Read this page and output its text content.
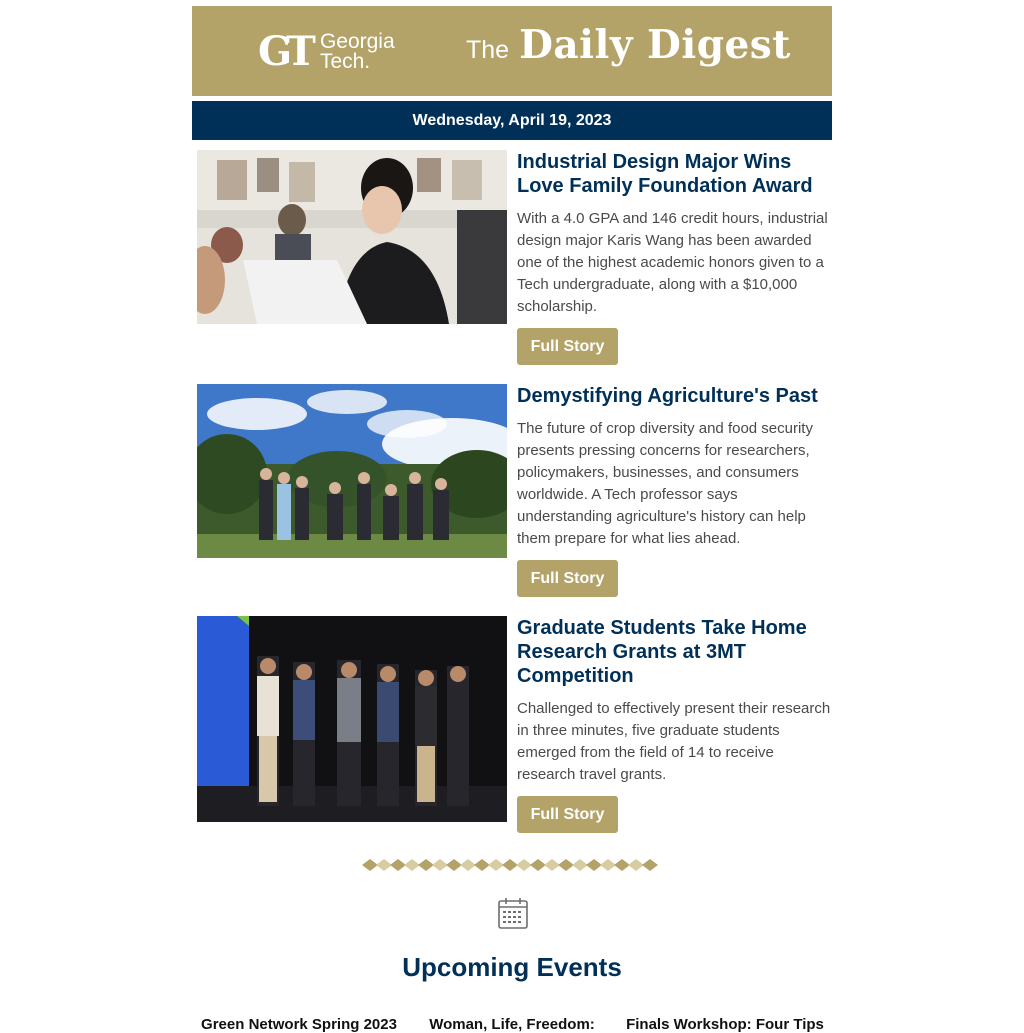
GT Georgia
Tech.	The Daily Digest
Wednesday, April 19, 2023
Industrial Design Major Wins Love Family Foundation Award

With a 4.0 GPA and 146 credit hours, industrial design major Karis Wang has been awarded one of the highest academic honors given to a Tech undergraduate, along with a $10,000 scholarship.

Full Story
Demystifying Agriculture's Past

The future of crop diversity and food security presents pressing concerns for researchers, policymakers, businesses, and consumers worldwide. A Tech professor says understanding agriculture's history can help them prepare for what lies ahead.

Full Story
Graduate Students Take Home Research Grants at 3MT Competition

Challenged to effectively present their research in three minutes, five graduate students emerged from the field of 14 to receive research travel grants.

Full Story
Upcoming Events
Green Network Spring 2023	Woman, Life, Freedom:	Finals Workshop: Four Tips
